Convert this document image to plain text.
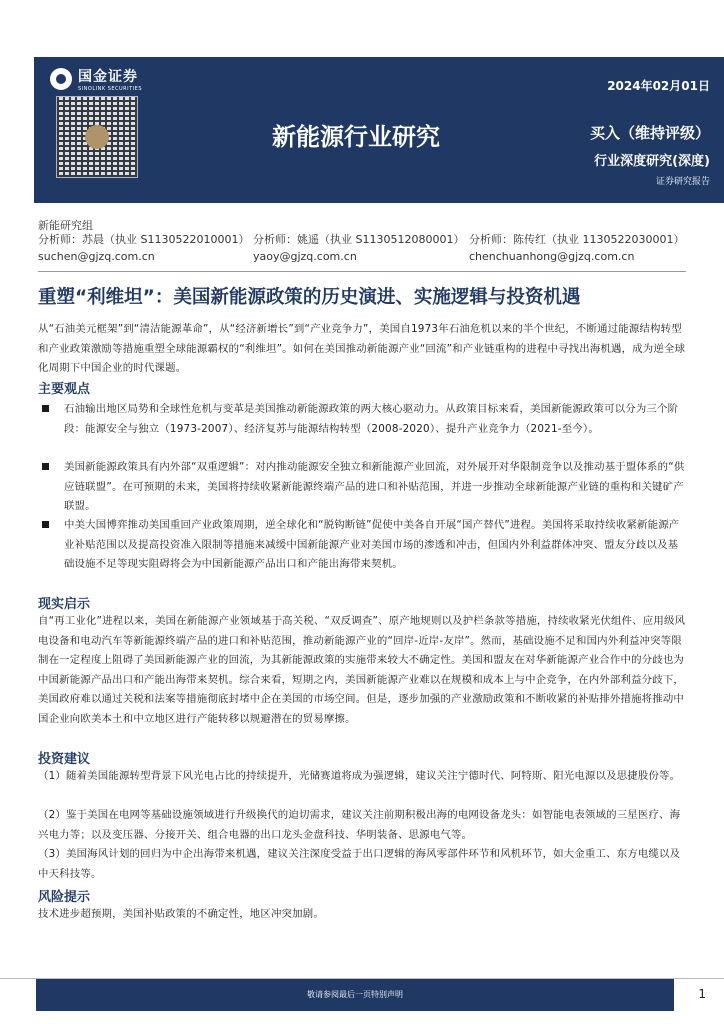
国金证券
SINOLINK SECURITIES	2024年02月01日
新能源行业研究	买入（维持评级）
行业深度研究(深度)
证券研究报告
新能研究组
分析师：苏晨（执业 S1130522010001）
suchen@gjzq.com.cn
分析师：姚遥（执业 S1130512080001）
yaoy@gjzq.com.cn
分析师：陈传红（执业 1130522030001）
chenchuanhong@gjzq.com.cn
重塑“利维坦”：美国新能源政策的历史演进、实施逻辑与投资机遇
从“石油美元框架”到“清洁能源革命”，从“经济新增长”到“产业竞争力”，美国自1973年石油危机以来的半个世纪，不断通过能源结构转型和产业政策激励等措施重塑全球能源霸权的“利维坦”。如何在美国推动新能源产业“回流”和产业链重构的进程中寻找出海机遇，成为逆全球化周期下中国企业的时代课题。
主要观点
石油输出地区局势和全球性危机与变革是美国推动新能源政策的两大核心驱动力。从政策目标来看，美国新能源政策可以分为三个阶段：能源安全与独立（1973-2007）、经济复苏与能源结构转型（2008-2020）、提升产业竞争力（2021-至今）。
美国新能源政策具有内外部“双重逻辑”：对内推动能源安全独立和新能源产业回流，对外展开对华限制竞争以及推动基于盟体系的“供应链联盟”。在可预期的未来，美国将持续收紧新能源终端产品的进口和补贴范围，并进一步推动全球新能源产业链的重构和关键矿产联盟。
中美大国博弈推动美国重回产业政策周期，逆全球化和“脱钩断链”促使中美各自开展“国产替代”进程。美国将采取持续收紧新能源产业补贴范围以及提高投资准入限制等措施来减缓中国新能源产业对美国市场的渗透和冲击，但国内外利益群体冲突、盟友分歧以及基础设施不足等现实阻碍将会为中国新能源产品出口和产能出海带来契机。
现实启示
自“再工业化”进程以来，美国在新能源产业领域基于高关税、“双反调查”、原产地规则以及护栏条款等措施，持续收紧光伏组件、应用级风电设备和电动汽车等新能源终端产品的进口和补贴范围，推动新能源产业的“回岸-近岸-友岸”。然而，基础设施不足和国内外利益冲突等限制在一定程度上阻碍了美国新能源产业的回流，为其新能源政策的实施带来较大不确定性。美国和盟友在对华新能源产业合作中的分歧也为中国新能源产品出口和产能出海带来契机。综合来看，短期之内，美国新能源产业难以在规模和成本上与中企竞争，在内外部利益分歧下，美国政府难以通过关税和法案等措施彻底封堵中企在美国的市场空间。但是，逐步加强的产业激励政策和不断收紧的补贴排外措施将推动中国企业向欧美本土和中立地区进行产能转移以规避潜在的贸易摩擦。
投资建议
（1）随着美国能源转型背景下风光电占比的持续提升，光储赛道将成为强逻辑，建议关注宁德时代、阿特斯、阳光电源以及思捷股份等。
（2）鉴于美国在电网等基础设施领域进行升级换代的迫切需求，建议关注前期积极出海的电网设备龙头：如智能电表领域的三星医疗、海兴电力等；以及变压器、分接开关、组合电器的出口龙头金盘科技、华明装备、思源电气等。
（3）美国海风计划的回归为中企出海带来机遇，建议关注深度受益于出口逻辑的海风零部件环节和风机环节，如大金重工、东方电缆以及中天科技等。
风险提示
技术进步超预期，美国补贴政策的不确定性，地区冲突加剧。
敬请参阅最后一页特别声明	1
